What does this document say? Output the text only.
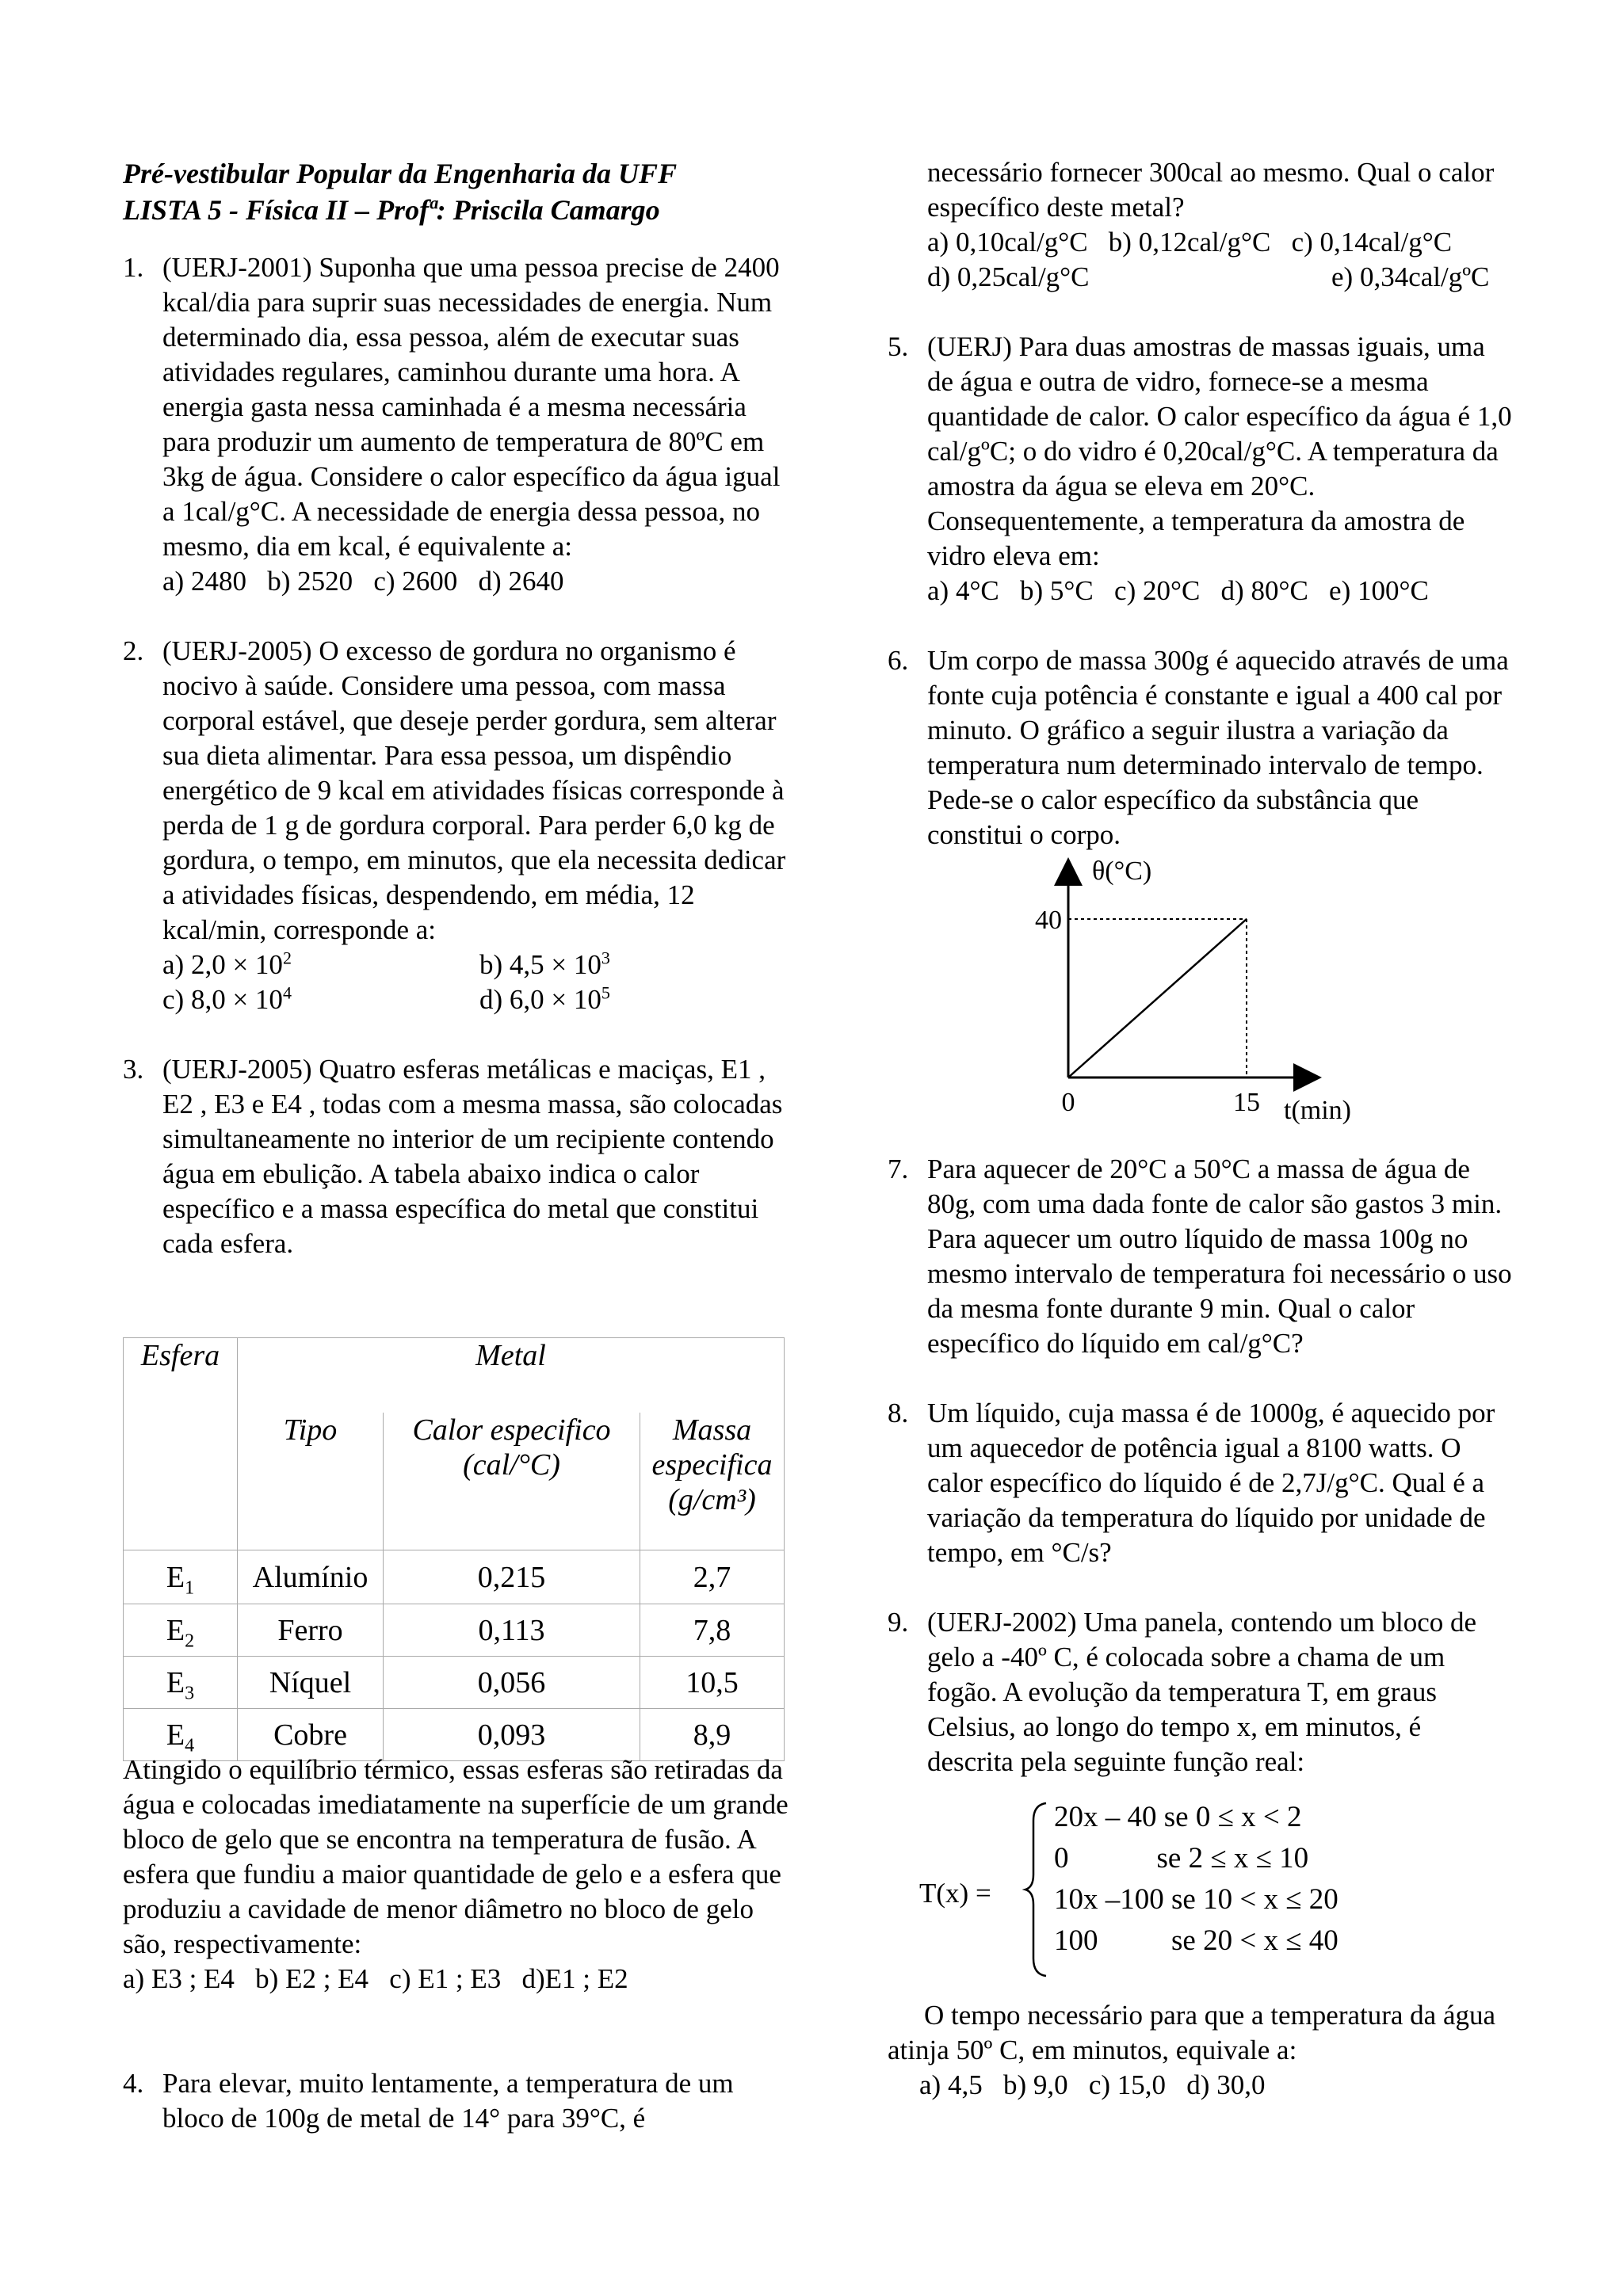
Pré-vestibular Popular da Engenharia da UFF
LISTA 5 - Física II – Profª: Priscila Camargo
1. (UERJ-2001) Suponha que uma pessoa precise de 2400 kcal/dia para suprir suas necessidades de energia. Num determinado dia, essa pessoa, além de executar suas atividades regulares, caminhou durante uma hora. A energia gasta nessa caminhada é a mesma necessária para produzir um aumento de temperatura de 80ºC em 3kg de água. Considere o calor específico da água igual a 1cal/g°C. A necessidade de energia dessa pessoa, no mesmo, dia em kcal, é equivalente a:

a) 2480   b) 2520   c) 2600   d) 2640

2. (UERJ-2005) O excesso de gordura no organismo é nocivo à saúde. Considere uma pessoa, com massa corporal estável, que deseje perder gordura, sem alterar sua dieta alimentar. Para essa pessoa, um dispêndio energético de 9 kcal em atividades físicas corresponde à perda de 1 g de gordura corporal. Para perder 6,0 kg de gordura, o tempo, em minutos, que ela necessita dedicar a atividades físicas, despendendo, em média, 12 kcal/min, corresponde a:

a) $2,0 \times 10^2$	b) $4,5 \times 10^3$
c) $8,0 \times 10^4$	d) $6,0 \times 10^5$
3. (UERJ-2005) Quatro esferas metálicas e maciças, E1 , E2 , E3 e E4 , todas com a mesma massa, são colocadas simultaneamente no interior de um recipiente contendo água em ebulição. A tabela abaixo indica o calor específico e a massa específica do metal que constitui cada esfera.

Esfera	Metal		
	Tipo	Calor especifico (cal/°C)	Massa especifica (g/cm³)
$E_1$	Alumínio	0,215	2,7
$E_2$	Ferro	0,113	7,8
$E_3$	Níquel	0,056	10,5
$E_4$	Cobre	0,093	8,9

Atingido o equilíbrio térmico, essas esferas são retiradas da água e colocadas imediatamente na superfície de um grande bloco de gelo que se encontra na temperatura de fusão. A esfera que fundiu a maior quantidade de gelo e a esfera que produziu a cavidade de menor diâmetro no bloco de gelo são, respectivamente:

a) E3 ; E4   b) E2 ; E4   c) E1 ; E3   d)E1 ; E2

4. Para elevar, muito lentamente, a temperatura de um bloco de 100g de metal de 14° para 39°C, é

necessário fornecer 300cal ao mesmo. Qual o calor específico deste metal?

a) 0,10cal/g°C   b) 0,12cal/g°C   c) 0,14cal/g°C

d) 0,25cal/g°C	e) 0,34cal/gºC
5. (UERJ) Para duas amostras de massas iguais, uma de água e outra de vidro, fornece-se a mesma quantidade de calor. O calor específico da água é 1,0 cal/gºC; o do vidro é 0,20cal/g°C. A temperatura da amostra da água se eleva em 20°C. Consequentemente, a temperatura da amostra de vidro eleva em:

a) 4°C   b) 5°C   c) 20°C   d) 80°C   e) 100°C

6. Um corpo de massa 300g é aquecido através de uma fonte cuja potência é constante e igual a 400 cal por minuto. O gráfico a seguir ilustra a variação da temperatura num determinado intervalo de tempo. Pede-se o calor específico da substância que constitui o corpo.

θ(°C)
40
0	15 t(min)
7. Para aquecer de 20°C a 50°C a massa de água de 80g, com uma dada fonte de calor são gastos 3 min. Para aquecer um outro líquido de massa 100g no mesmo intervalo de temperatura foi necessário o uso da mesma fonte durante 9 min. Qual o calor específico do líquido em cal/g°C?

8. Um líquido, cuja massa é de 1000g, é aquecido por um aquecedor de potência igual a 8100 watts. O calor específico do líquido é de 2,7J/g°C. Qual é a variação da temperatura do líquido por unidade de tempo, em °C/s?

9. (UERJ-2002) Uma panela, contendo um bloco de gelo a -40º C, é colocada sobre a chama de um fogão. A evolução da temperatura T, em graus Celsius, ao longo do tempo x, em minutos, é descrita pela seguinte função real:

T(x) =
20x – 40 se 0 ≤ x < 2
0            se 2 ≤ x ≤ 10
10x –100 se 10 < x ≤ 20
100          se 20 < x ≤ 40

O tempo necessário para que a temperatura da água atinja 50º C, em minutos, equivale a:

a) 4,5   b) 9,0   c) 15,0   d) 30,0
